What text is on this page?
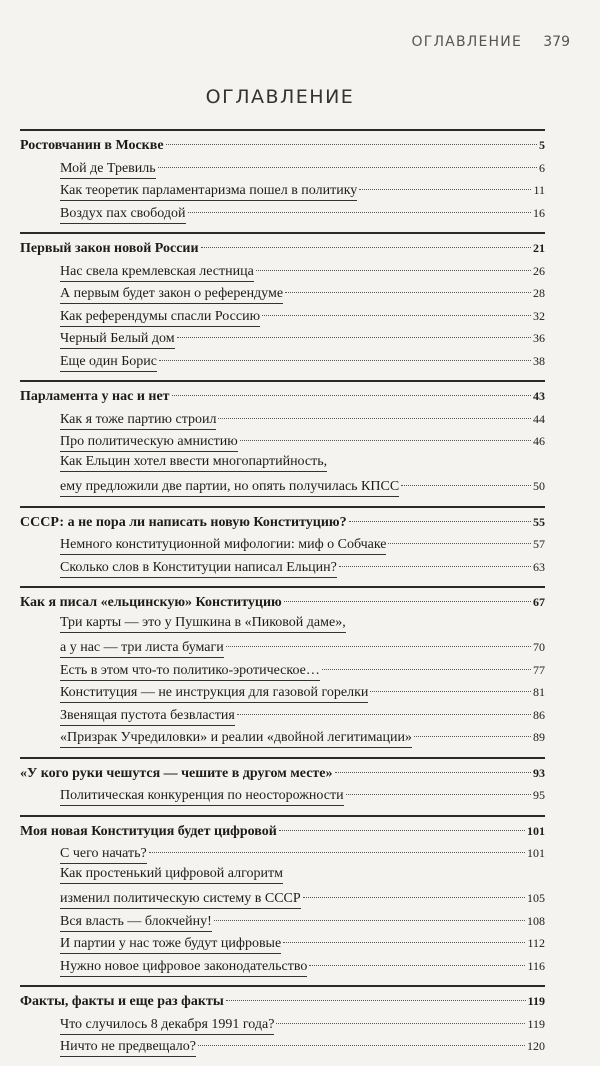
ОГЛАВЛЕНИЕ 379
ОГЛАВЛЕНИЕ
Ростовчанин в Москве	5
Мой де Тревиль	6
Как теоретик парламентаризма пошел в политику	11
Воздух пах свободой	16
Первый закон новой России	21
Нас свела кремлевская лестница	26
А первым будет закон о референдуме	28
Как референдумы спасли Россию	32
Черный Белый дом	36
Еще один Борис	38
Парламента у нас и нет	43
Как я тоже партию строил	44
Про политическую амнистию	46
Как Ельцин хотел ввести многопартийность,
ему предложили две партии, но опять получилась КПСС	50
СССР: а не пора ли написать новую Конституцию?	55
Немного конституционной мифологии: миф о Собчаке	57
Сколько слов в Конституции написал Ельцин?	63
Как я писал «ельцинскую» Конституцию	67
Три карты — это у Пушкина в «Пиковой даме»,
а у нас — три листа бумаги	70
Есть в этом что-то политико-эротическое…	77
Конституция — не инструкция для газовой горелки	81
Звенящая пустота безвластия	86
«Призрак Учредиловки» и реалии «двойной легитимации»	89
«У кого руки чешутся — чешите в другом месте»	93
Политическая конкуренция по неосторожности	95
Моя новая Конституция будет цифровой	101
С чего начать?	101
Как простенький цифровой алгоритм
изменил политическую систему в СССР	105
Вся власть — блокчейну!	108
И партии у нас тоже будут цифровые	112
Нужно новое цифровое законодательство	116
Факты, факты и еще раз факты	119
Что случилось 8 декабря 1991 года?	119
Ничто не предвещало?	120
